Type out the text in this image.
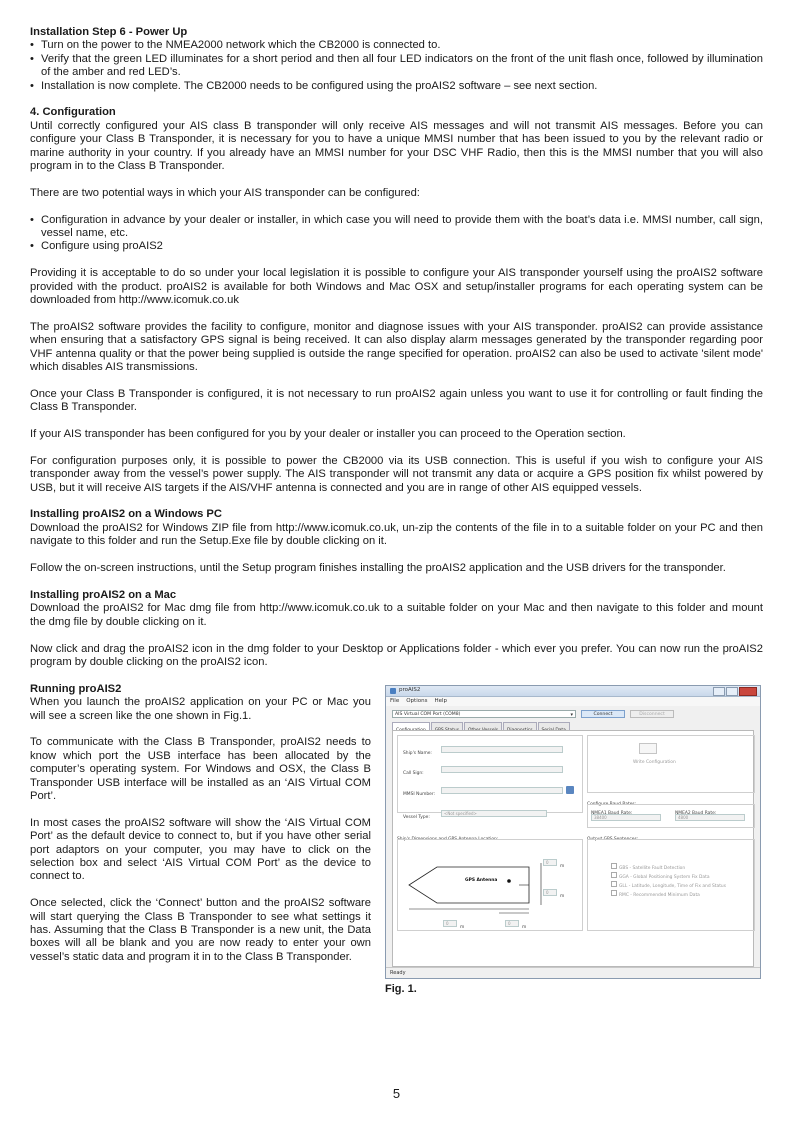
Installation Step 6 - Power Up
• Turn on the power to the NMEA2000 network which the CB2000 is connected to.
• Verify that the green LED illuminates for a short period and then all four LED indicators on the front of the unit flash once, followed by illumination of the amber and red LED’s.
• Installation is now complete. The CB2000 needs to be configured using the proAIS2 software – see next section.
4. Configuration

Until correctly configured your AIS class B transponder will only receive AIS messages and will not transmit AIS messages. Before you can configure your Class B Transponder, it is necessary for you to have a unique MMSI number that has been issued to you by the relevant radio or marine authority in your country. If you already have an MMSI number for your DSC VHF Radio, then this is the MMSI number that you will also program in to the Class B Transponder.

There are two potential ways in which your AIS transponder can be configured:

• Configuration in advance by your dealer or installer, in which case you will need to provide them with the boat’s data i.e. MMSI number, call sign, vessel name, etc.
• Configure using proAIS2

Providing it is acceptable to do so under your local legislation it is possible to configure your AIS transponder yourself using the proAIS2 software provided with the product. proAIS2 is available for both Windows and Mac OSX and setup/installer programs for each operating system can be downloaded from http://www.icomuk.co.uk

The proAIS2 software provides the facility to configure, monitor and diagnose issues with your AIS transponder. proAIS2 can provide assistance when ensuring that a satisfactory GPS signal is being received. It can also display alarm messages generated by the transponder regarding poor VHF antenna quality or that the power being supplied is outside the range specified for operation. proAIS2 can also be used to activate 'silent mode' which disables AIS transmissions.

Once your Class B Transponder is configured, it is not necessary to run proAIS2 again unless you want to use it for controlling or fault finding the Class B Transponder.

If your AIS transponder has been configured for you by your dealer or installer you can proceed to the Operation section.

For configuration purposes only, it is possible to power the CB2000 via its USB connection. This is useful if you wish to configure your AIS transponder away from the vessel’s power supply. The AIS transponder will not transmit any data or acquire a GPS position fix whilst powered by USB, but it will receive AIS targets if the AIS/VHF antenna is connected and you are in range of other AIS equipped vessels.

Installing proAIS2 on a Windows PC

Download the proAIS2 for Windows ZIP file from http://www.icomuk.co.uk, un-zip the contents of the file in to a suitable folder on your PC and then navigate to this folder and run the Setup.Exe file by double clicking on it.

Follow the on-screen instructions, until the Setup program finishes installing the proAIS2 application and the USB drivers for the transponder.

Installing proAIS2 on a Mac

Download the proAIS2 for Mac dmg file from http://www.icomuk.co.uk to a suitable folder on your Mac and then navigate to this folder and mount the dmg file by double clicking on it.

Now click and drag the proAIS2 icon in the dmg folder to your Desktop or Applications folder - which ever you prefer. You can now run the proAIS2 program by double clicking on the proAIS2 icon.

Running proAIS2

When you launch the proAIS2 application on your PC or Mac you will see a screen like the one shown in Fig.1.

To communicate with the Class B Transponder, proAIS2 needs to know which port the USB interface has been allocated by the computer’s operating system. For Windows and OSX, the Class B Transponder USB interface will be installed as an ‘AIS Virtual COM Port’.

In most cases the proAIS2 software will show the ‘AIS Virtual COM Port’ as the default device to connect to, but if you have other serial port adaptors on your computer, you may have to click on the selection box and select ‘AIS Virtual COM Port’ as the device to connect to.

Once selected, click the ‘Connect’ button and the proAIS2 software will start querying the Class B Transponder to see what settings it has. Assuming that the Class B Transponder is a new unit, the Data boxes will all be blank and you are now ready to enter your own vessel’s static data and program it in to the Class B Transponder.

proAIS2
File Options Help
AIS Virtual COM Port (COM8)	▾	Connect	Disconnect
Ship's Name:
Call Sign:
MMSI Number:
Vessel Type:
<Not specified>
Write Configuration
Configure Baud Rates:
38400	4800
Ship's Dimensions and GPS Antenna Location:
GPS Antenna
0
m
0
m
0
m
0
m
Output GPS Sentences:
GBS - Satellite Fault Detection
GGA - Global Positioning System Fix Data
GLL - Latitude, Longitude, Time of Fix and Status
RMC - Recommended Minimum Data
Ready
Fig. 1.
5
